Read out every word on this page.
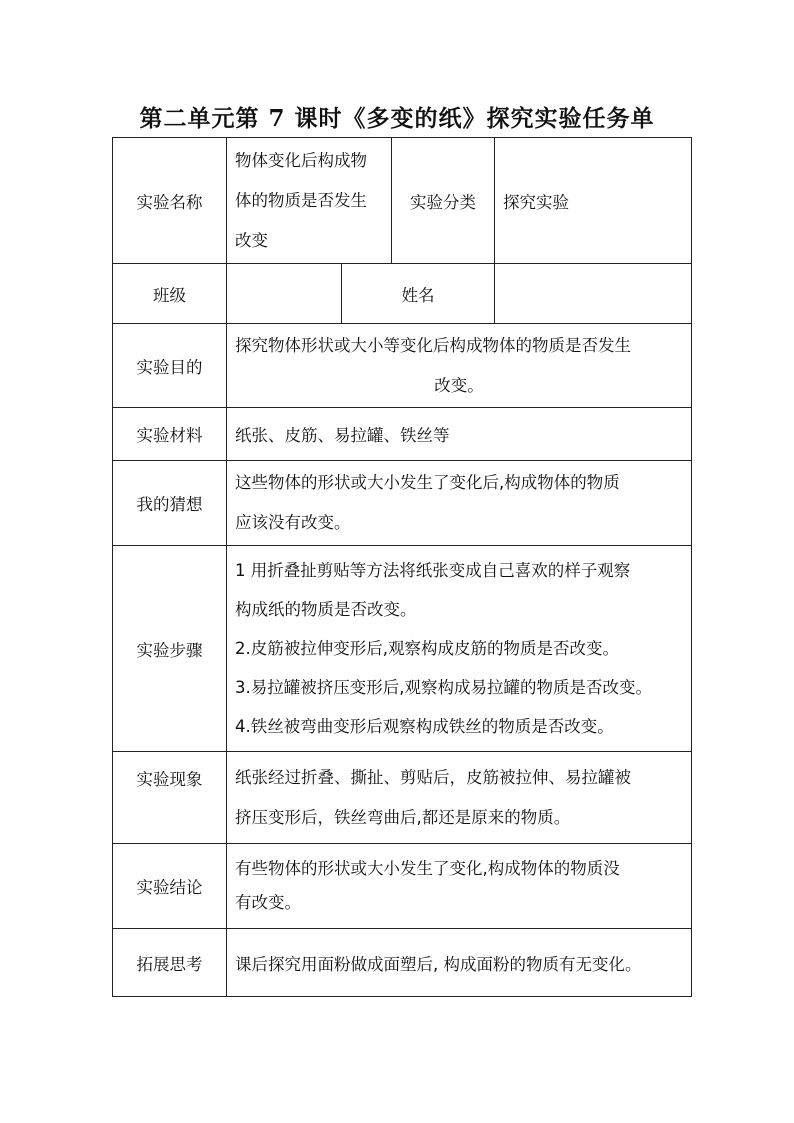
第二单元第 7 课时《多变的纸》探究实验任务单
实验名称	物体变化后构成物
体的物质是否发生
改变		实验分类	探究实验
班级		姓名		
实验目的	探究物体形状或大小等变化后构成物体的物质是否发生
改变。			

实验材料	纸张、皮筋、易拉罐、铁丝等			
我的猜想	这些物体的形状或大小发生了变化后,构成物体的物质
应该没有改变。			

实验步骤	1 用折叠扯剪贴等方法将纸张变成自己喜欢的样子观察
构成纸的物质是否改变。
2.皮筋被拉伸变形后,观察构成皮筋的物质是否改变。
3.易拉罐被挤压变形后,观察构成易拉罐的物质是否改变。
4.铁丝被弯曲变形后观察构成铁丝的物质是否改变。			

实验现象	纸张经过折叠、撕扯、剪贴后，皮筋被拉伸、易拉罐被
挤压变形后，铁丝弯曲后,都还是原来的物质。			

实验结论	有些物体的形状或大小发生了变化,构成物体的物质没
有改变。			

拓展思考	课后探究用面粉做成面塑后, 构成面粉的物质有无变化。			
